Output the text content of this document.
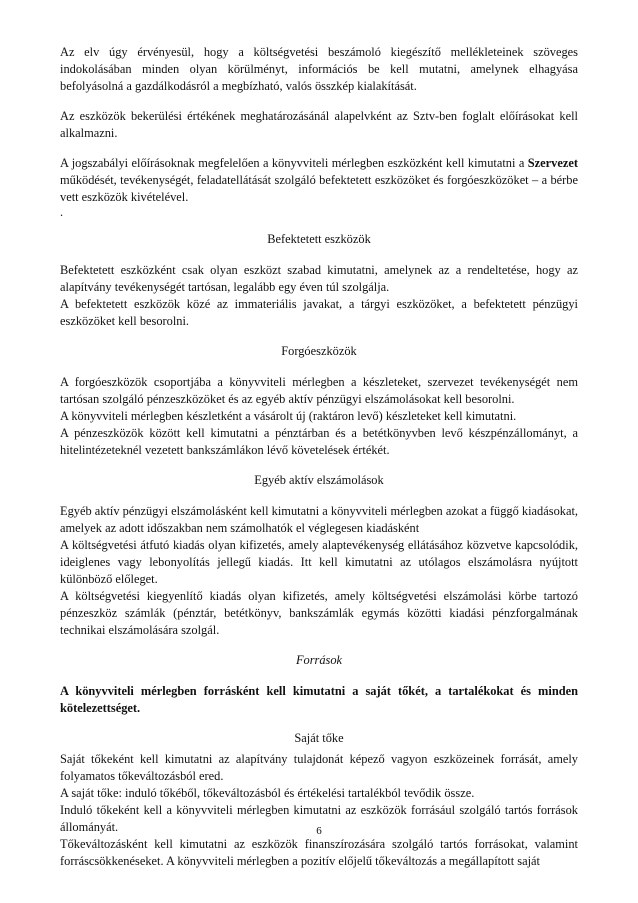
Az elv úgy érvényesül, hogy a költségvetési beszámoló kiegészítő mellékleteinek szöveges indokolásában minden olyan körülményt, információs be kell mutatni, amelynek elhagyása befolyásolná a gazdálkodásról a megbízható, valós összkép kialakítását.

Az eszközök bekerülési értékének meghatározásánál alapelvként az Sztv-ben foglalt előírásokat kell alkalmazni.

A jogszabályi előírásoknak megfelelően a könyvviteli mérlegben eszközként kell kimutatni a Szervezet működését, tevékenységét, feladatellátását szolgáló befektetett eszközöket és forgóeszközöket – a bérbe vett eszközök kivételével.

.

Befektetett eszközök

Befektetett eszközként csak olyan eszközt szabad kimutatni, amelynek az a rendeltetése, hogy az alapítvány tevékenységét tartósan, legalább egy éven túl szolgálja.

A befektetett eszközök közé az immateriális javakat, a tárgyi eszközöket, a befektetett pénzügyi eszközöket kell besorolni.

Forgóeszközök

A forgóeszközök csoportjába a könyvviteli mérlegben a készleteket, szervezet tevékenységét nem tartósan szolgáló pénzeszközöket és az egyéb aktív pénzügyi elszámolásokat kell besorolni.

A könyvviteli mérlegben készletként a vásárolt új (raktáron levő) készleteket kell kimutatni.

A pénzeszközök között kell kimutatni a pénztárban és a betétkönyvben levő készpénzállományt, a hitelintézeteknél vezetett bankszámlákon lévő követelések értékét.

Egyéb aktív elszámolások

Egyéb aktív pénzügyi elszámolásként kell kimutatni a könyvviteli mérlegben azokat a függő kiadásokat, amelyek az adott időszakban nem számolhatók el véglegesen kiadásként

A költségvetési átfutó kiadás olyan kifizetés, amely alaptevékenység ellátásához közvetve kapcsolódik, ideiglenes vagy lebonyolítás jellegű kiadás. Itt kell kimutatni az utólagos elszámolásra nyújtott különböző előleget.

A költségvetési kiegyenlítő kiadás olyan kifizetés, amely költségvetési elszámolási körbe tartozó pénzeszköz számlák (pénztár, betétkönyv, bankszámlák egymás közötti kiadási pénzforgalmának technikai elszámolására szolgál.

Források

A könyvviteli mérlegben forrásként kell kimutatni a saját tőkét, a tartalékokat és minden kötelezettséget.

Saját tőke

Saját tőkeként kell kimutatni az alapítvány tulajdonát képező vagyon eszközeinek forrását, amely folyamatos tőkeváltozásból ered.

A saját tőke: induló tőkéből, tőkeváltozásból és értékelési tartalékból tevődik össze.

Induló tőkeként kell a könyvviteli mérlegben kimutatni az eszközök forrásául szolgáló tartós források állományát.

Tőkeváltozásként kell kimutatni az eszközök finanszírozására szolgáló tartós forrásokat, valamint forráscsökkenéseket. A könyvviteli mérlegben a pozitív előjelű tőkeváltozás a megállapított saját

6
